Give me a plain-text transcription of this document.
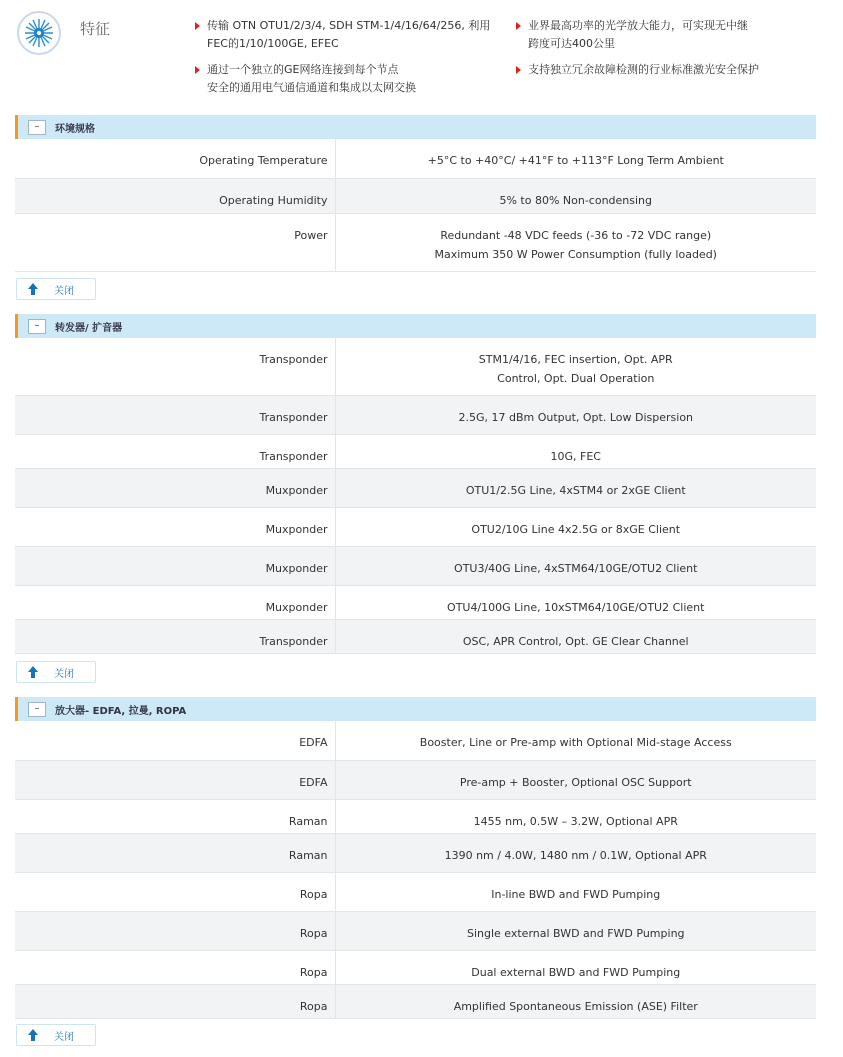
特征	传输 OTN OTU1/2/3/4, SDH STM-1/4/16/64/256, 利用
FEC的1/10/100GE, EFEC
通过一个独立的GE网络连接到每个节点
安全的通用电气通信通道和集成以太网交换
业界最高功率的光学放大能力，可实现无中继
跨度可达400公里
支持独立冗余故障检测的行业标准激光安全保护
–	环境规格
Operating Temperature	+5°C to +40°C/ +41°F to +113°F Long Term Ambient

Operating Humidity	5% to 80% Non-condensing

Power	Redundant -48 VDC feeds (-36 to -72 VDC range)
Maximum 350 W Power Consumption (fully loaded)
关闭
–	转发器/ 扩音器
Transponder	STM1/4/16, FEC insertion, Opt. APR
Control, Opt. Dual Operation

Transponder	2.5G, 17 dBm Output, Opt. Low Dispersion

Transponder	10G, FEC

Muxponder	OTU1/2.5G Line, 4xSTM4 or 2xGE Client

Muxponder	OTU2/10G Line 4x2.5G or 8xGE Client

Muxponder	OTU3/40G Line, 4xSTM64/10GE/OTU2 Client

Muxponder	OTU4/100G Line, 10xSTM64/10GE/OTU2 Client

Transponder	OSC, APR Control, Opt. GE Clear Channel
关闭
–	放大器- EDFA, 拉曼, ROPA
EDFA	Booster, Line or Pre-amp with Optional Mid-stage Access

EDFA	Pre-amp + Booster, Optional OSC Support

Raman	1455 nm, 0.5W – 3.2W, Optional APR

Raman	1390 nm / 4.0W, 1480 nm / 0.1W, Optional APR

Ropa	In-line BWD and FWD Pumping

Ropa	Single external BWD and FWD Pumping

Ropa	Dual external BWD and FWD Pumping

Ropa	Amplified Spontaneous Emission (ASE) Filter
关闭
